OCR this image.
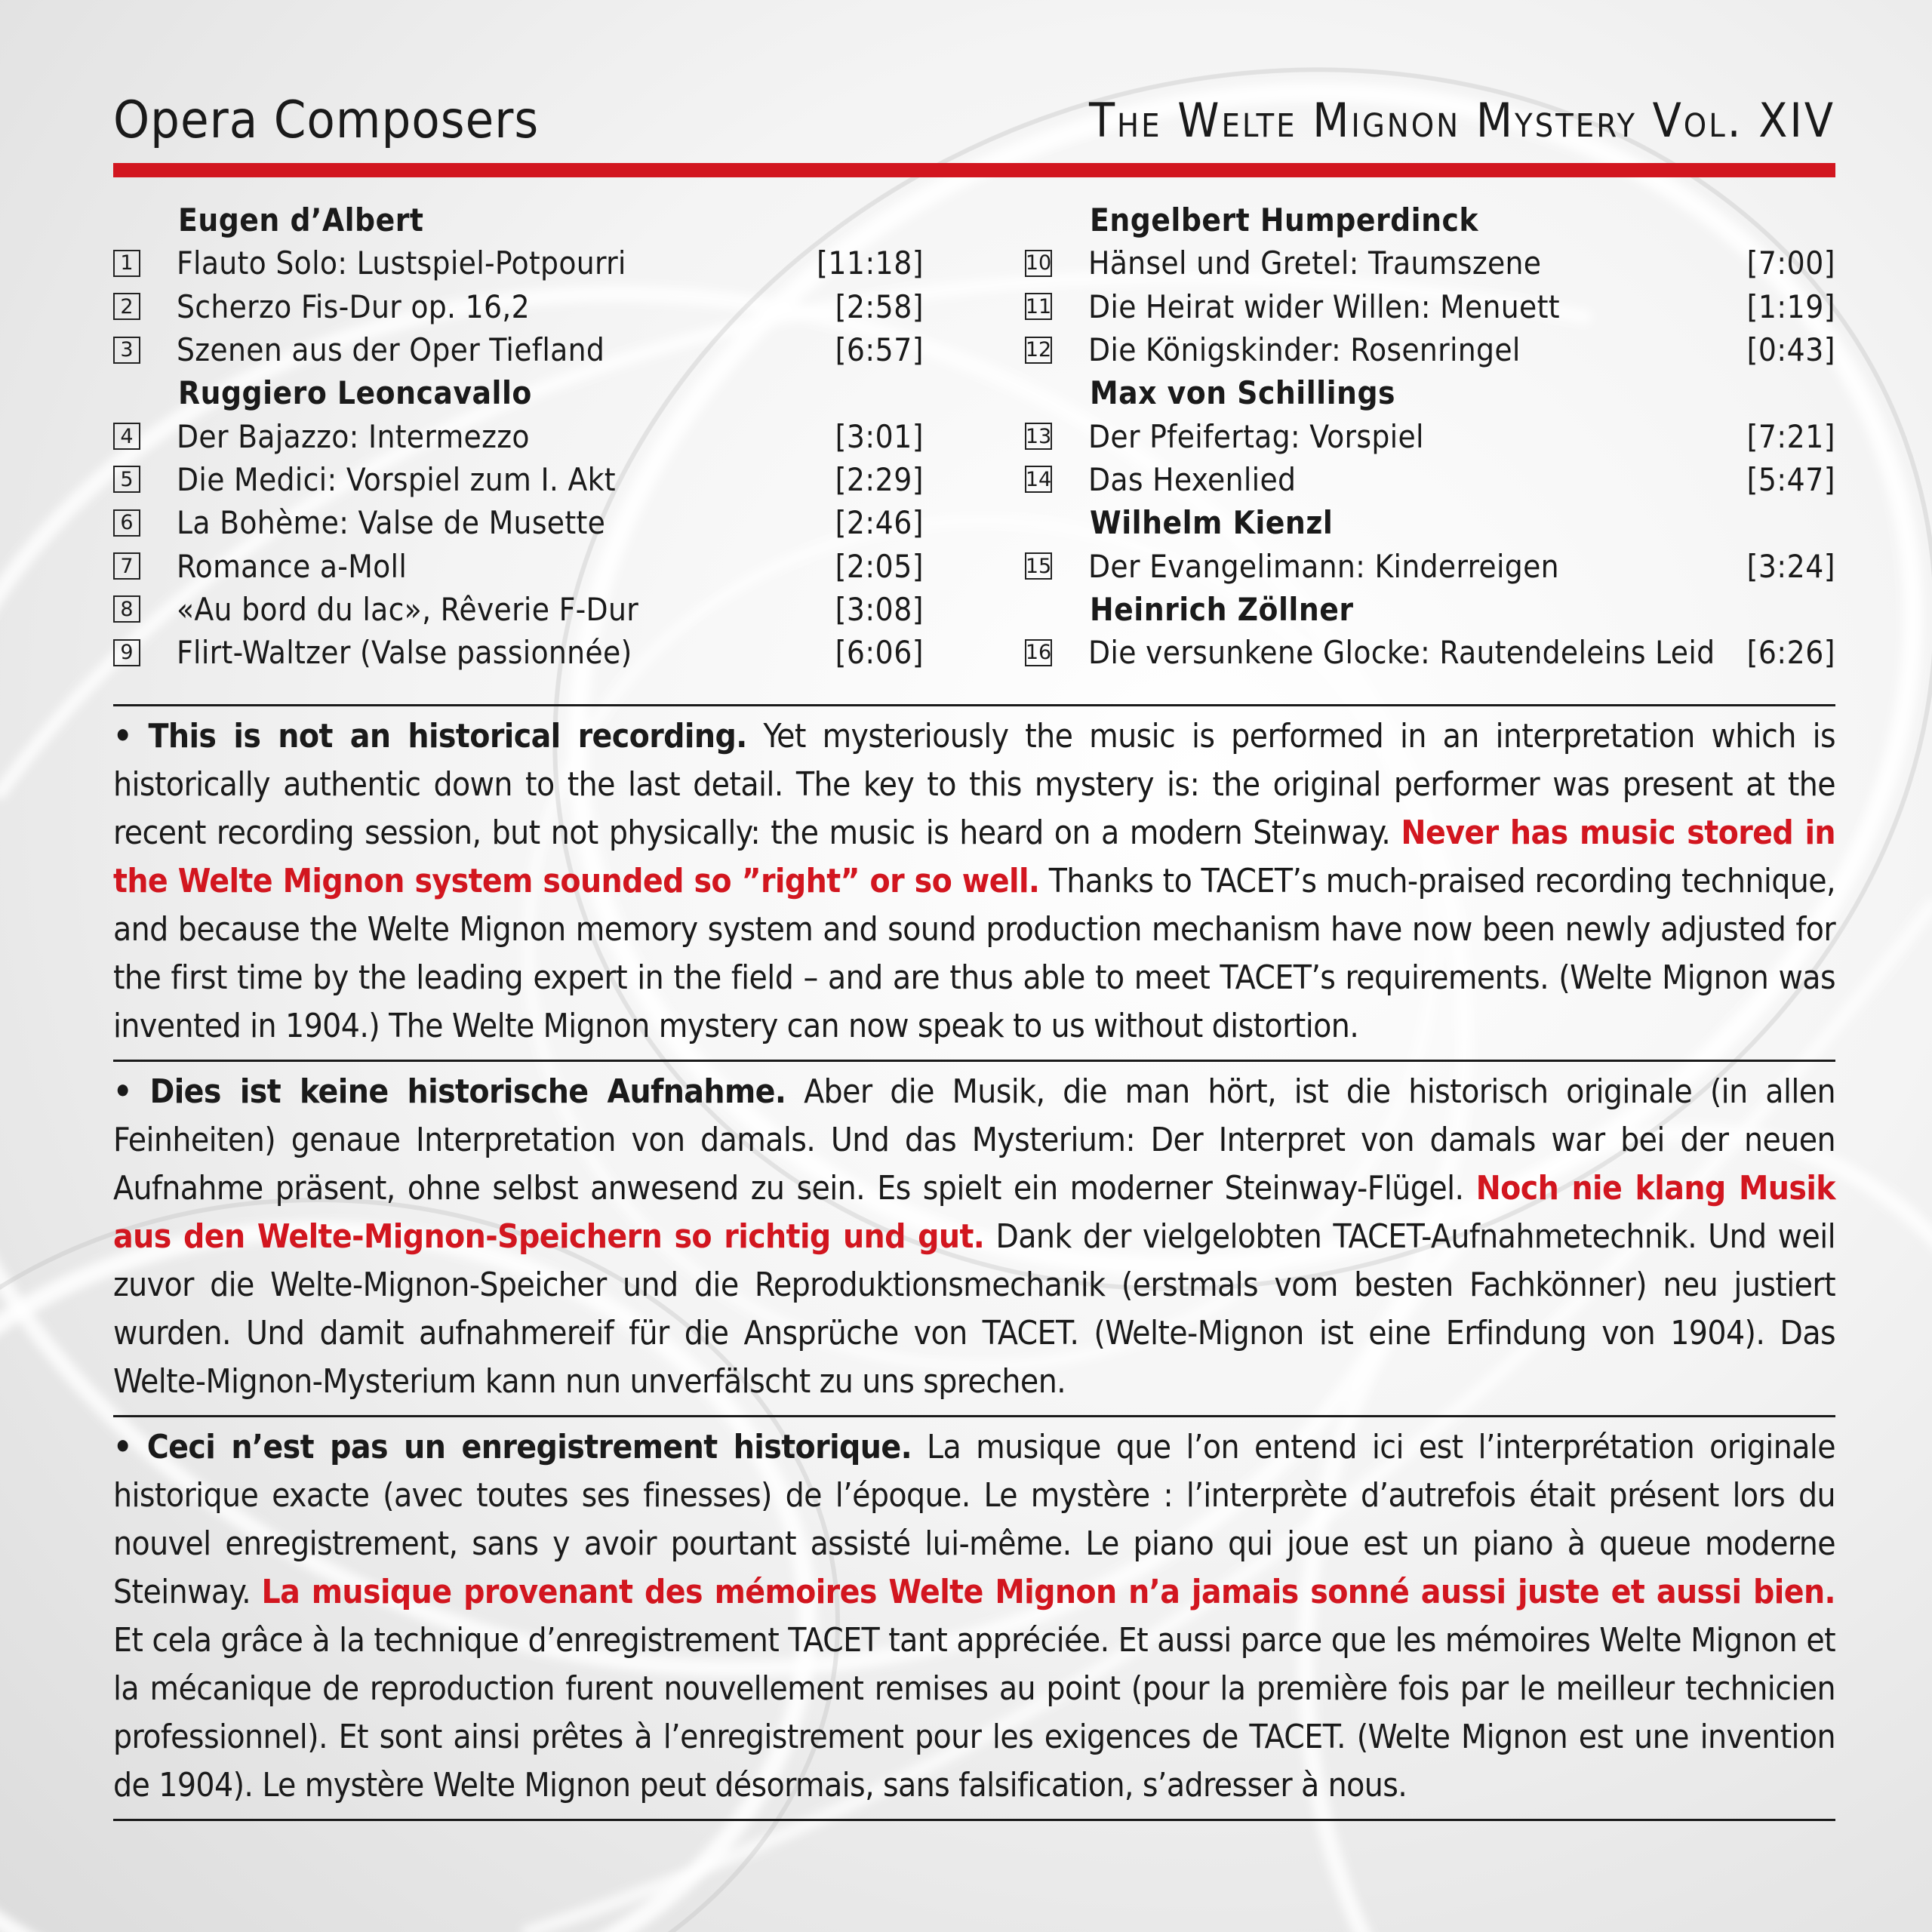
Opera Composers	The Welte Mignon Mystery Vol. XIV
Eugen d’Albert
1 Flauto Solo: Lustspiel-Potpourri	[11:18]
2 Scherzo Fis-Dur op. 16,2	[2:58]
3 Szenen aus der Oper Tiefland	[6:57]
Ruggiero Leoncavallo
4 Der Bajazzo: Intermezzo	[3:01]
5 Die Medici: Vorspiel zum I. Akt	[2:29]
6 La Bohème: Valse de Musette	[2:46]
7 Romance a-Moll	[2:05]
8 «Au bord du lac», Rêverie F-Dur	[3:08]
9 Flirt-Waltzer (Valse passionnée)	[6:06]
Engelbert Humperdinck
10 Hänsel und Gretel: Traumszene	[7:00]
11 Die Heirat wider Willen: Menuett	[1:19]
12 Die Königskinder: Rosenringel	[0:43]
Max von Schillings
13 Der Pfeifertag: Vorspiel	[7:21]
14 Das Hexenlied	[5:47]
Wilhelm Kienzl
15 Der Evangelimann: Kinderreigen	[3:24]
Heinrich Zöllner
16 Die versunkene Glocke: Rautendeleins Leid	[6:26]
• This is not an historical recording. Yet mysteriously the music is performed in an interpretation which is historically authentic down to the last detail. The key to this mystery is: the original performer was present at the recent recording session, but not physically: the music is heard on a modern Steinway. Never has music stored in the Welte Mignon system sounded so ”right” or so well. Thanks to TACET’s much-praised recording technique, and because the Welte Mignon memory system and sound production mechanism have now been newly adjusted for the first time by the leading expert in the field – and are thus able to meet TACET’s requirements. (Welte Mignon was invented in 1904.) The Welte Mignon mystery can now speak to us without distortion.
• Dies ist keine historische Aufnahme. Aber die Musik, die man hört, ist die historisch originale (in allen Feinheiten) genaue Interpretation von damals. Und das Mysterium: Der Interpret von damals war bei der neuen Aufnahme präsent, ohne selbst anwesend zu sein. Es spielt ein moderner Steinway-Flügel. Noch nie klang Musik aus den Welte-Mignon-Speichern so richtig und gut. Dank der vielgelobten TACET-Aufnahmetechnik. Und weil zuvor die Welte-Mignon-Speicher und die Reproduktionsmechanik (erstmals vom besten Fachkönner) neu justiert wurden. Und damit aufnahmereif für die Ansprüche von TACET. (Welte-Mignon ist eine Erfindung von 1904). Das Welte-Mignon-Mysterium kann nun unverfälscht zu uns sprechen.
• Ceci n’est pas un enregistrement historique. La musique que l’on entend ici est l’interprétation originale historique exacte (avec toutes ses finesses) de l’époque. Le mystère : l’interprète d’autrefois était présent lors du nouvel enregistrement, sans y avoir pourtant assisté lui-même. Le piano qui joue est un piano à queue moderne Steinway. La musique provenant des mémoires Welte Mignon n’a jamais sonné aussi juste et aussi bien. Et cela grâce à la technique d’enregistrement TACET tant appréciée. Et aussi parce que les mémoires Welte Mignon et la mécanique de reproduction furent nouvellement remises au point (pour la première fois par le meilleur technicien professionnel). Et sont ainsi prêtes à l’enregistrement pour les exigences de TACET. (Welte Mignon est une invention de 1904). Le mystère Welte Mignon peut désormais, sans falsification, s’adresser à nous.
